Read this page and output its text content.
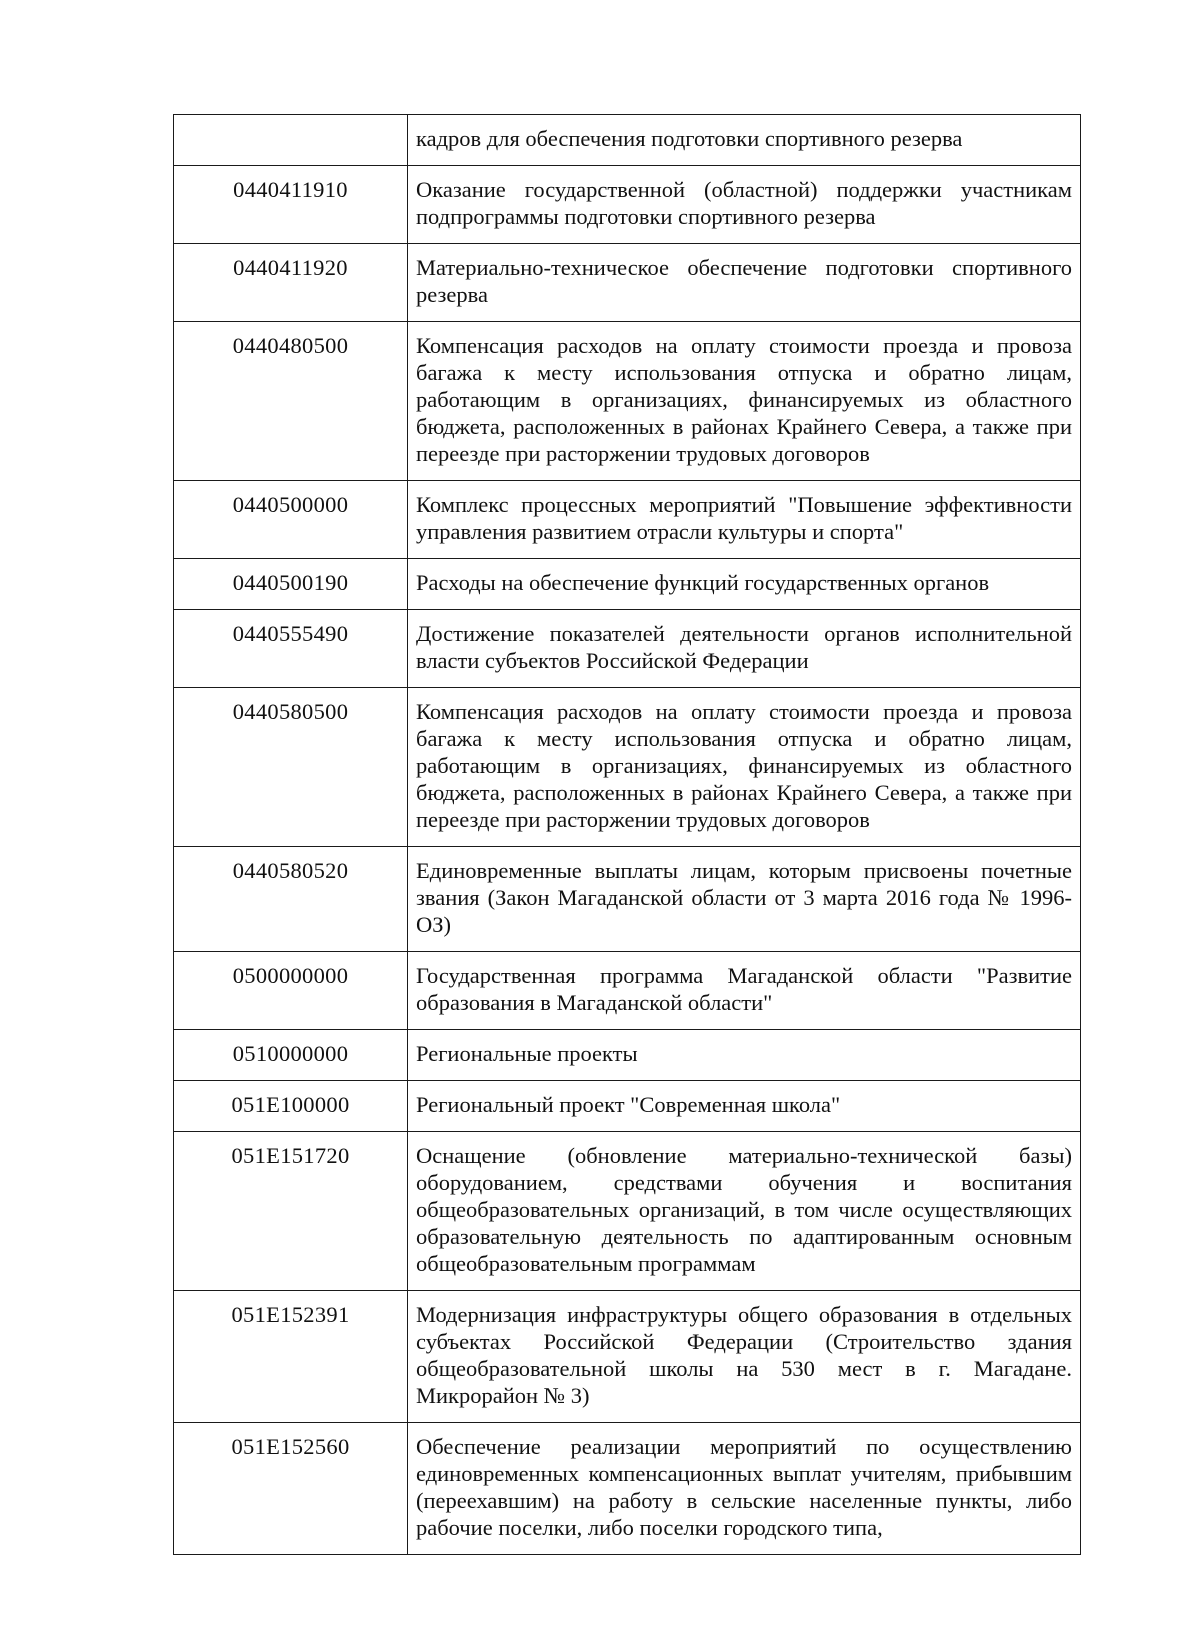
	кадров для обеспечения подготовки спортивного резерва
0440411910	Оказание государственной (областной) поддержки участникам подпрограммы подготовки спортивного резерва
0440411920	Материально-техническое обеспечение подготовки спортивного резерва
0440480500	Компенсация расходов на оплату стоимости проезда и провоза багажа к месту использования отпуска и обратно лицам, работающим в организациях, финансируемых из областного бюджета, расположенных в районах Крайнего Севера, а также при переезде при расторжении трудовых договоров
0440500000	Комплекс процессных мероприятий "Повышение эффективности управления развитием отрасли культуры и спорта"
0440500190	Расходы на обеспечение функций государственных органов
0440555490	Достижение показателей деятельности органов исполнительной власти субъектов Российской Федерации
0440580500	Компенсация расходов на оплату стоимости проезда и провоза багажа к месту использования отпуска и обратно лицам, работающим в организациях, финансируемых из областного бюджета, расположенных в районах Крайнего Севера, а также при переезде при расторжении трудовых договоров
0440580520	Единовременные выплаты лицам, которым присвоены почетные звания (Закон Магаданской области от 3 марта 2016 года № 1996-ОЗ)
0500000000	Государственная программа Магаданской области "Развитие образования в Магаданской области"
0510000000	Региональные проекты
051E100000	Региональный проект "Современная школа"
051E151720	Оснащение (обновление материально-технической базы) оборудованием, средствами обучения и воспитания общеобразовательных организаций, в том числе осуществляющих образовательную деятельность по адаптированным основным общеобразовательным программам
051E152391	Модернизация инфраструктуры общего образования в отдельных субъектах Российской Федерации (Строительство здания общеобразовательной школы на 530 мест в г. Магадане. Микрорайон № 3)
051E152560	Обеспечение реализации мероприятий по осуществлению единовременных компенсационных выплат учителям, прибывшим (переехавшим) на работу в сельские населенные пункты, либо рабочие поселки, либо поселки городского типа,
